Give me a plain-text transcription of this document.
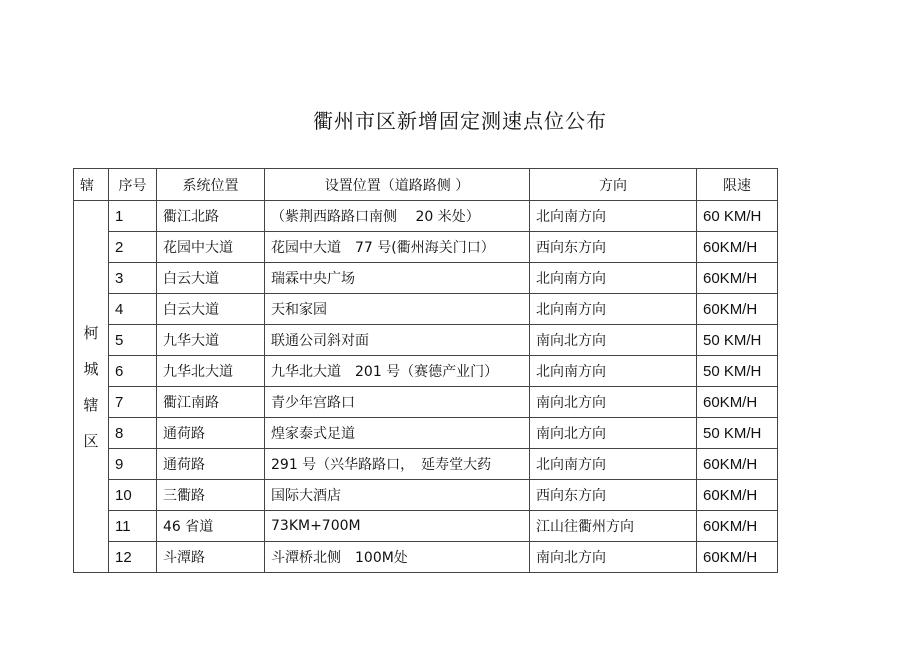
衢州市区新增固定测速点位公布
辖	序号	系统位置	设置位置（道路路侧 ）	方向	限速

柯
城
辖
区	1	衢江北路	（紫荆西路路口南侧　 20 米处）	北向南方向	60 KM/H
	2	花园中大道	花园中大道　77 号(衢州海关门口）	西向东方向	60KM/H
	3	白云大道	瑞霖中央广场	北向南方向	60KM/H
	4	白云大道	天和家园	北向南方向	60KM/H
	5	九华大道	联通公司斜对面	南向北方向	50 KM/H
	6	九华北大道	九华北大道　201 号（赛德产业门）	北向南方向	50 KM/H
	7	衢江南路	青少年宫路口	南向北方向	60KM/H
	8	通荷路	煌家泰式足道	南向北方向	50 KM/H
	9	通荷路	291 号（兴华路路口，　延寿堂大药	北向南方向	60KM/H
	10	三衢路	国际大酒店	西向东方向	60KM/H
	11	46 省道	73KM+700M	江山往衢州方向	60KM/H
	12	斗潭路	斗潭桥北侧　100M处	南向北方向	60KM/H
